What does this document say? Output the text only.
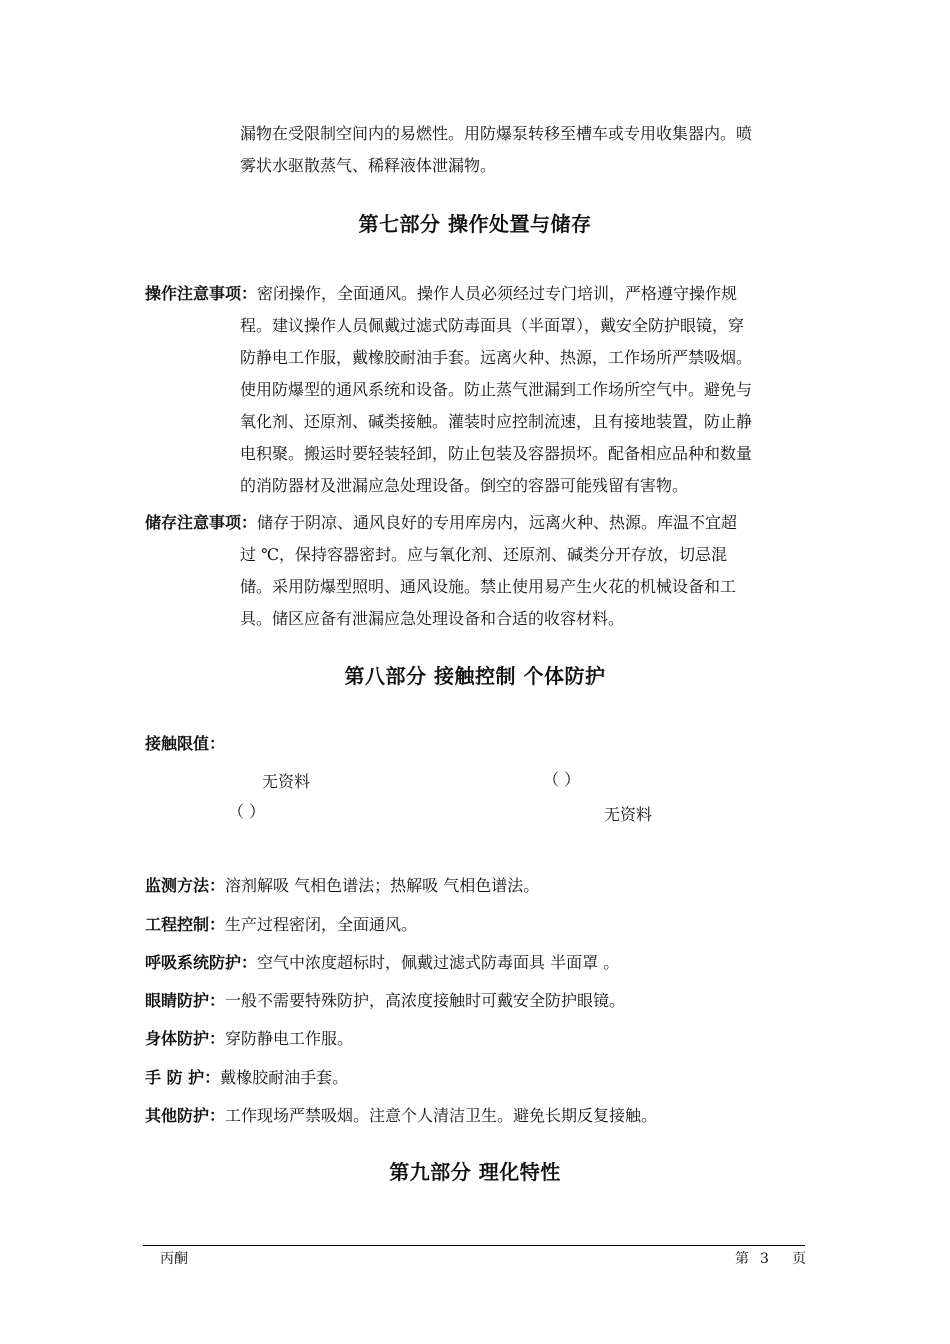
漏物在受限制空间内的易燃性。用防爆泵转移至槽车或专用收集器内。喷
雾状水驱散蒸气、稀释液体泄漏物。
第七部分 操作处置与储存
操作注意事项：密闭操作，全面通风。操作人员必须经过专门培训，严格遵守操作规
程。建议操作人员佩戴过滤式防毒面具（半面罩），戴安全防护眼镜，穿
防静电工作服，戴橡胶耐油手套。远离火种、热源，工作场所严禁吸烟。
使用防爆型的通风系统和设备。防止蒸气泄漏到工作场所空气中。避免与
氧化剂、还原剂、碱类接触。灌装时应控制流速，且有接地装置，防止静
电积聚。搬运时要轻装轻卸，防止包装及容器损坏。配备相应品种和数量
的消防器材及泄漏应急处理设备。倒空的容器可能残留有害物。
储存注意事项：储存于阴凉、通风良好的专用库房内，远离火种、热源。库温不宜超
过 ℃，保持容器密封。应与氧化剂、还原剂、碱类分开存放，切忌混
储。采用防爆型照明、通风设施。禁止使用易产生火花的机械设备和工
具。储区应备有泄漏应急处理设备和合适的收容材料。
第八部分 接触控制 个体防护
接触限值：
无资料
（ ）
（ ）
无资料
监测方法：溶剂解吸 气相色谱法；热解吸 气相色谱法。
工程控制：生产过程密闭，全面通风。
呼吸系统防护：空气中浓度超标时，佩戴过滤式防毒面具 半面罩 。
眼睛防护：一般不需要特殊防护，高浓度接触时可戴安全防护眼镜。
身体防护：穿防静电工作服。
手 防 护：戴橡胶耐油手套。
其他防护：工作现场严禁吸烟。注意个人清洁卫生。避免长期反复接触。
第九部分 理化特性
丙酮	第 3 页
